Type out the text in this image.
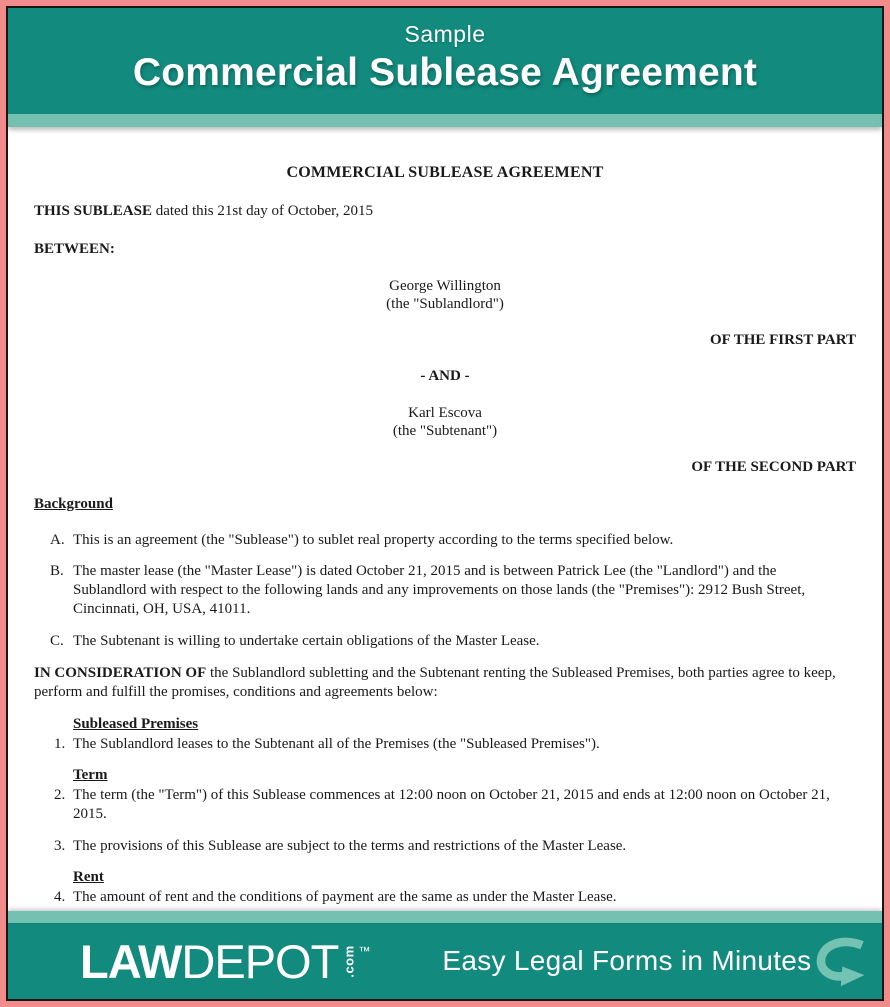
Sample
Commercial Sublease Agreement
COMMERCIAL SUBLEASE AGREEMENT

THIS SUBLEASE dated this 21st day of October, 2015

BETWEEN:

George Willington
(the "Sublandlord")
OF THE FIRST PART
- AND -
Karl Escova
(the "Subtenant")
OF THE SECOND PART
Background
A. This is an agreement (the "Sublease") to sublet real property according to the terms specified below.
B. The master lease (the "Master Lease") is dated October 21, 2015 and is between Patrick Lee (the "Landlord") and the Sublandlord with respect to the following lands and any improvements on those lands (the "Premises"): 2912 Bush Street, Cincinnati, OH, USA, 41011.
C. The Subtenant is willing to undertake certain obligations of the Master Lease.

IN CONSIDERATION OF the Sublandlord subletting and the Subtenant renting the Subleased Premises, both parties agree to keep, perform and fulfill the promises, conditions and agreements below:

Subleased Premises
1. The Sublandlord leases to the Subtenant all of the Premises (the "Subleased Premises").
Term
2. The term (the "Term") of this Sublease commences at 12:00 noon on October 21, 2015 and ends at 12:00 noon on October 21, 2015.
3. The provisions of this Sublease are subject to the terms and restrictions of the Master Lease.
Rent
4. The amount of rent and the conditions of payment are the same as under the Master Lease.
LAW DEPOT .com ™	Easy Legal Forms in Minutes
